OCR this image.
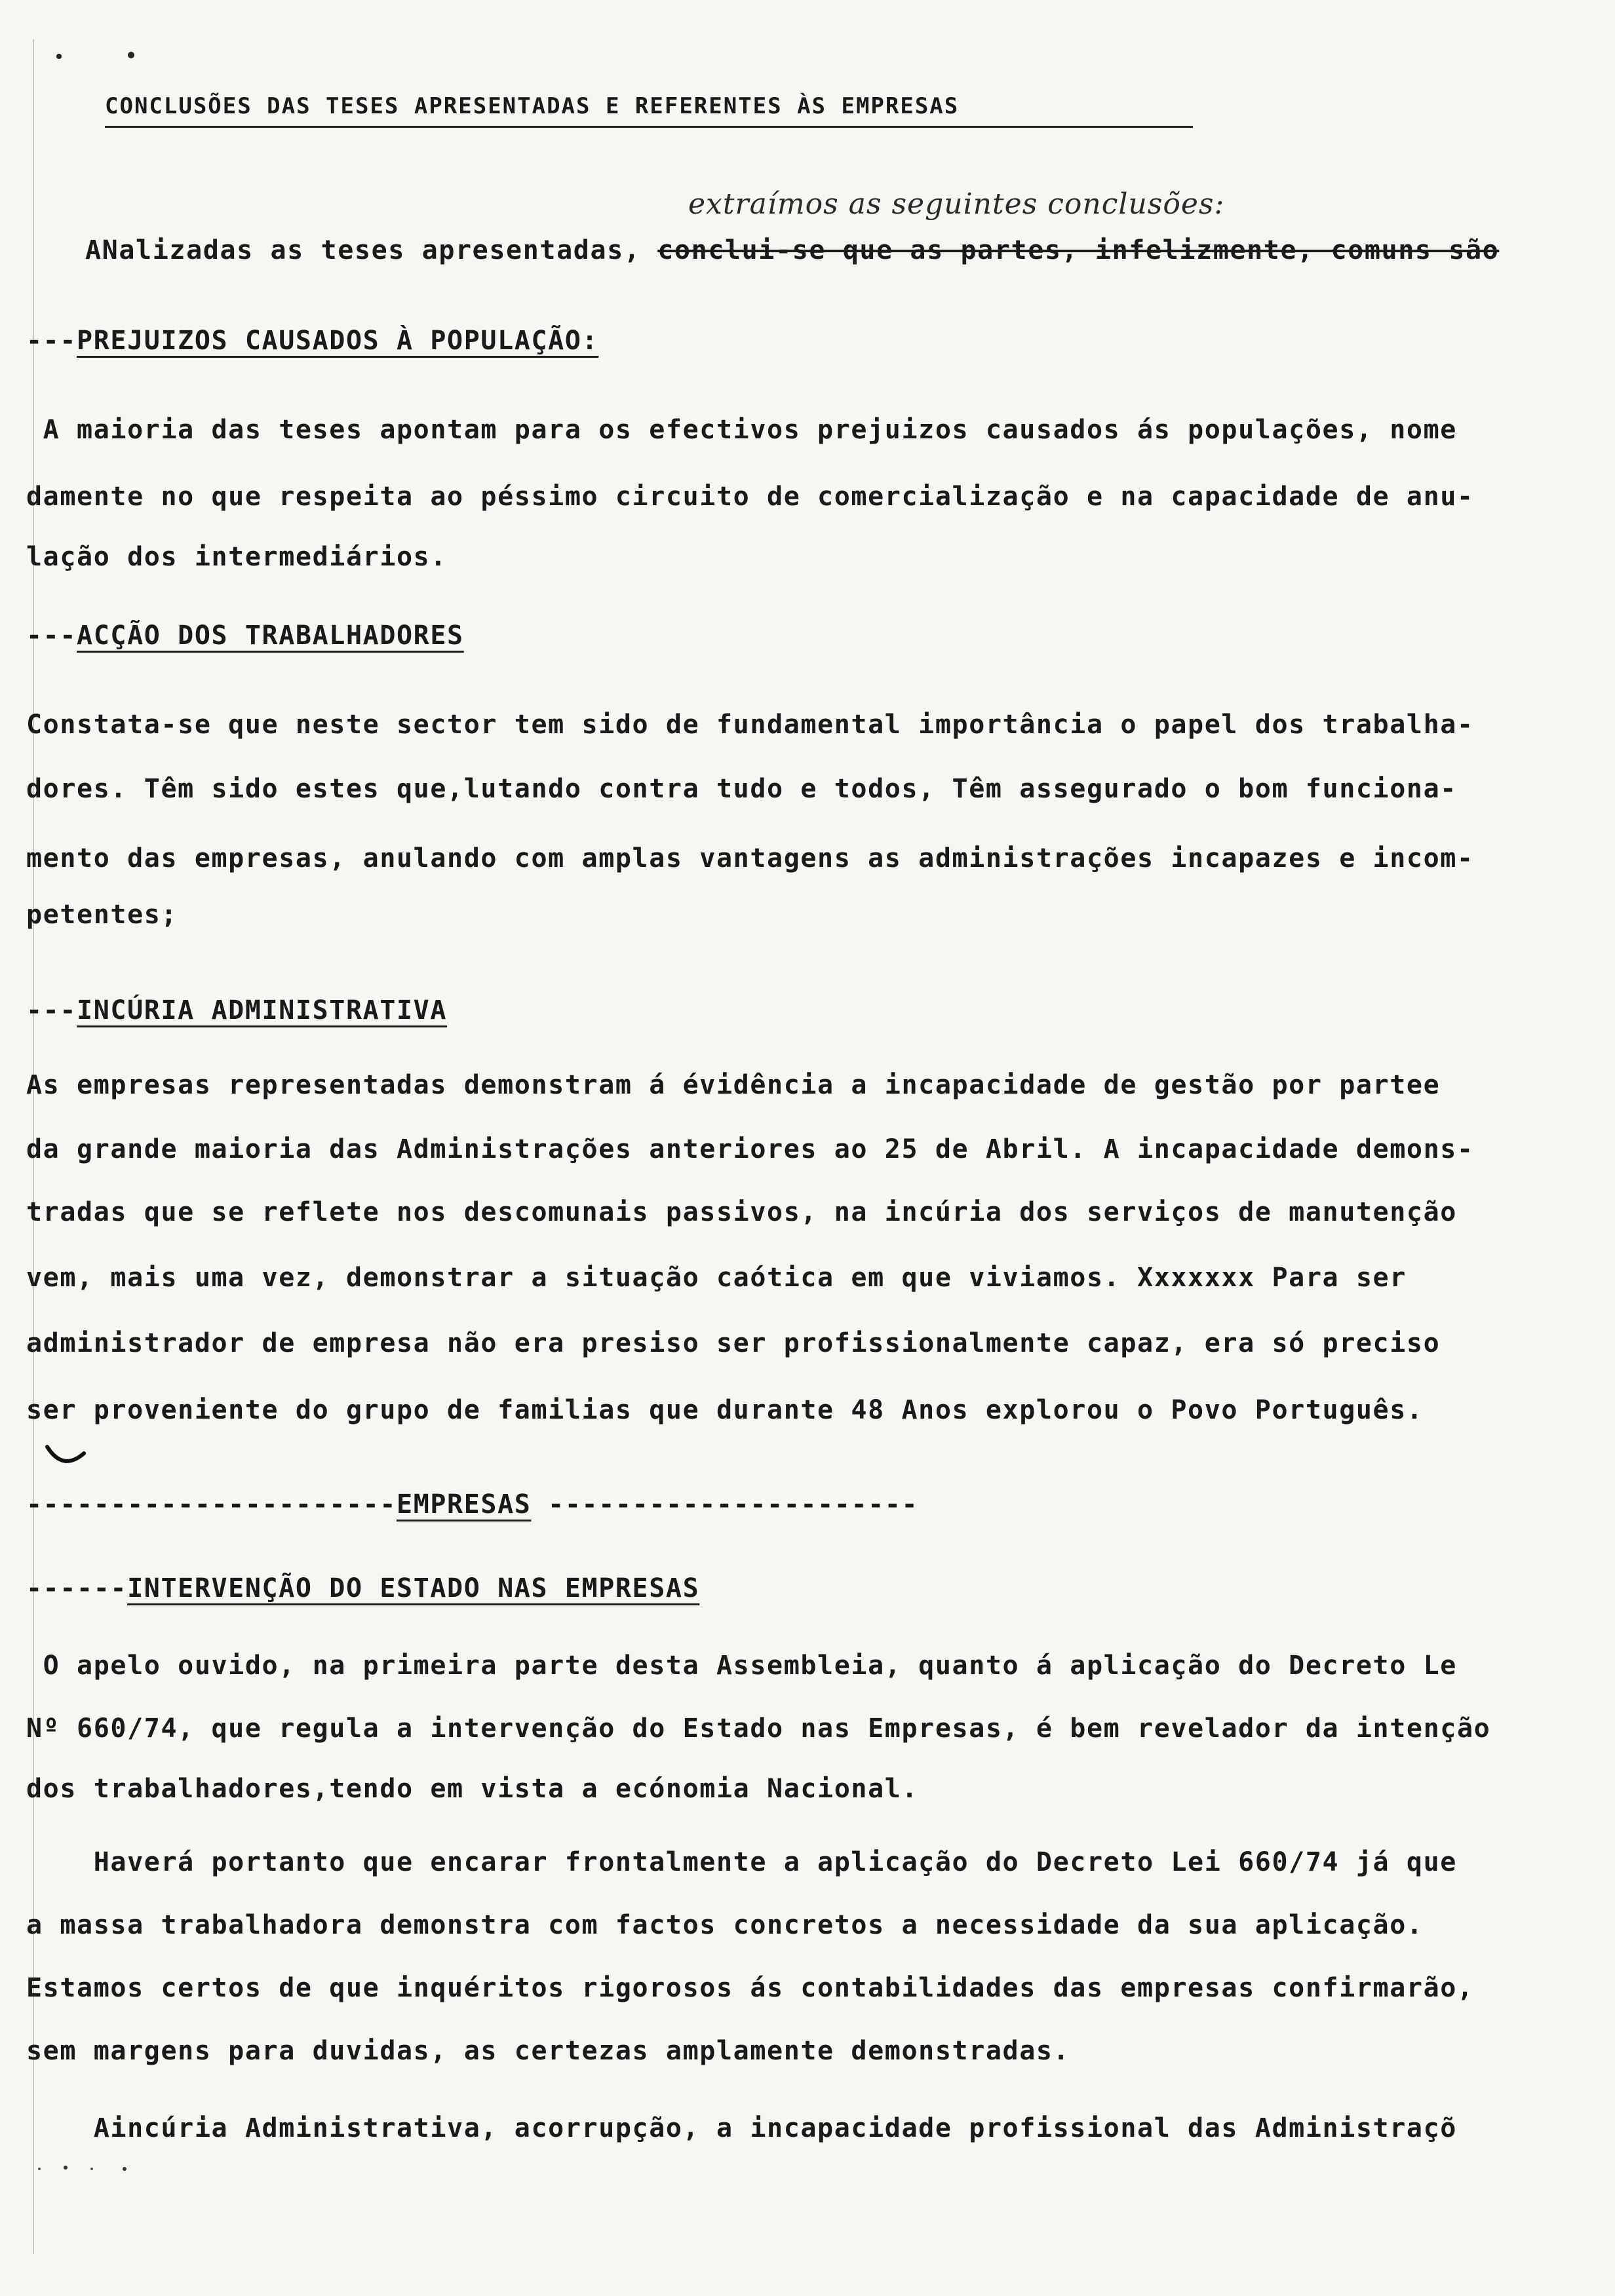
CONCLUSÕES DAS TESES APRESENTADAS E REFERENTES ÀS EMPRESAS
extraímos as seguintes conclusões:
ANalizadas as teses apresentadas, conclui-se que as partes, infelizmente, comuns são
---PREJUIZOS CAUSADOS À POPULAÇÃO:
A maioria das teses apontam para os efectivos prejuizos causados ás populações, nome
damente no que respeita ao péssimo circuito de comercialização e na capacidade de anu-
lação dos intermediários.
---ACÇÃO DOS TRABALHADORES
Constata-se que neste sector tem sido de fundamental importância o papel dos trabalha-
dores. Têm sido estes que,lutando contra tudo e todos, Têm assegurado o bom funciona-
mento das empresas, anulando com amplas vantagens as administrações incapazes e incom-
petentes;
---INCÚRIA ADMINISTRATIVA
As empresas representadas demonstram á évidência a incapacidade de gestão por partee
da grande maioria das Administrações anteriores ao 25 de Abril. A incapacidade demons-
tradas que se reflete nos descomunais passivos, na incúria dos serviços de manutenção
vem, mais uma vez, demonstrar a situação caótica em que viviamos. Xxxxxxx Para ser
administrador de empresa não era presiso ser profissionalmente capaz, era só preciso
ser proveniente do grupo de familias que durante 48 Anos explorou o Povo Português.
----------------------EMPRESAS ----------------------
------INTERVENÇÃO DO ESTADO NAS EMPRESAS
O apelo ouvido, na primeira parte desta Assembleia, quanto á aplicação do Decreto Le
Nº 660/74, que regula a intervenção do Estado nas Empresas, é bem revelador da intenção
dos trabalhadores,tendo em vista a ecónomia Nacional.
Haverá portanto que encarar frontalmente a aplicação do Decreto Lei 660/74 já que
a massa trabalhadora demonstra com factos concretos a necessidade da sua aplicação.
Estamos certos de que inquéritos rigorosos ás contabilidades das empresas confirmarão,
sem margens para duvidas, as certezas amplamente demonstradas.
Aincúria Administrativa, acorrupção, a incapacidade profissional das Administraçõ
